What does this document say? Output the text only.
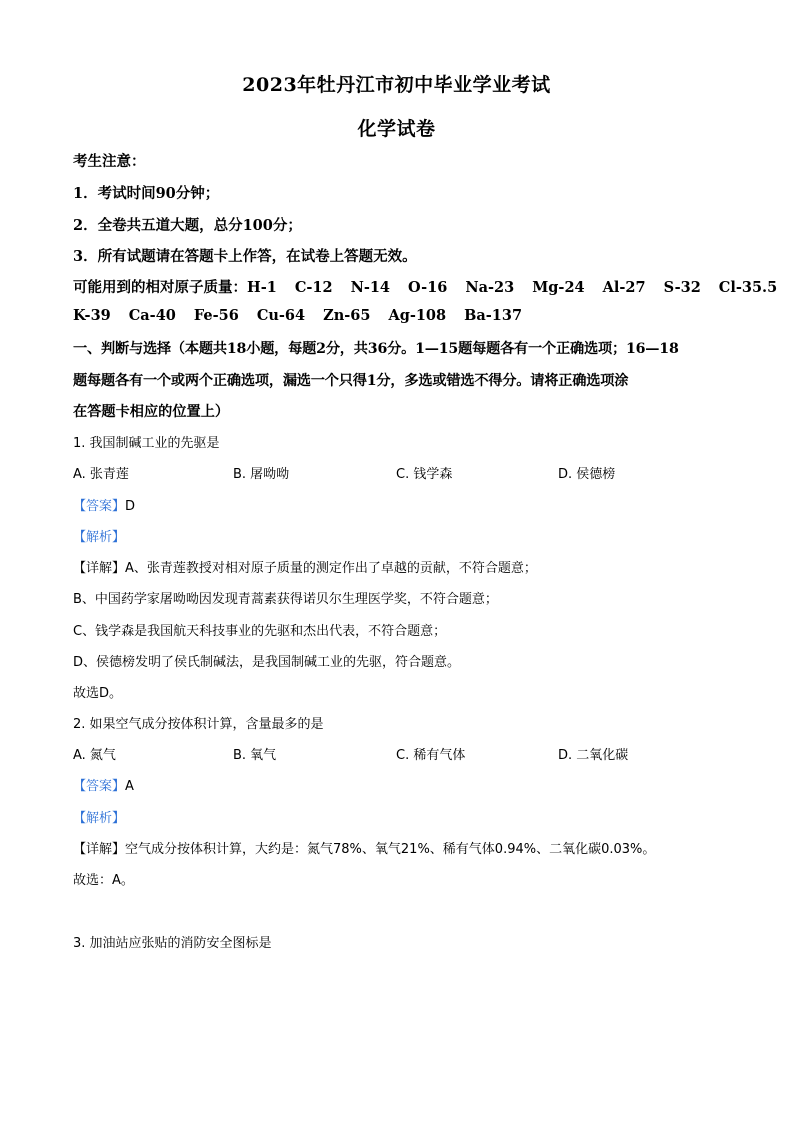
2023年牡丹江市初中毕业学业考试
化学试卷
考生注意：
1．考试时间90分钟；
2．全卷共五道大题，总分100分；
3．所有试题请在答题卡上作答，在试卷上答题无效。
可能用到的相对原子质量：H-1 C-12 N-14 O-16 Na-23 Mg-24 Al-27 S-32 Cl-35.5
K-39 Ca-40 Fe-56 Cu-64 Zn-65 Ag-108 Ba-137
一、判断与选择（本题共18小题，每题2分，共36分。1—15题每题各有一个正确选项；16—18
题每题各有一个或两个正确选项，漏选一个只得1分，多选或错选不得分。请将正确选项涂
在答题卡相应的位置上）
1. 我国制碱工业的先驱是
A. 张青莲	B. 屠呦呦	C. 钱学森	D. 侯德榜
【答案】D
【解析】
【详解】A、张青莲教授对相对原子质量的测定作出了卓越的贡献，不符合题意；
B、中国药学家屠呦呦因发现青蒿素获得诺贝尔生理医学奖，不符合题意；
C、钱学森是我国航天科技事业的先驱和杰出代表，不符合题意；
D、侯德榜发明了侯氏制碱法，是我国制碱工业的先驱，符合题意。
故选D。
2. 如果空气成分按体积计算，含量最多的是
A. 氮气	B. 氧气	C. 稀有气体	D. 二氧化碳
【答案】A
【解析】
【详解】空气成分按体积计算，大约是：氮气78%、氧气21%、稀有气体0.94%、二氧化碳0.03%。
故选：A。
3. 加油站应张贴的消防安全图标是
